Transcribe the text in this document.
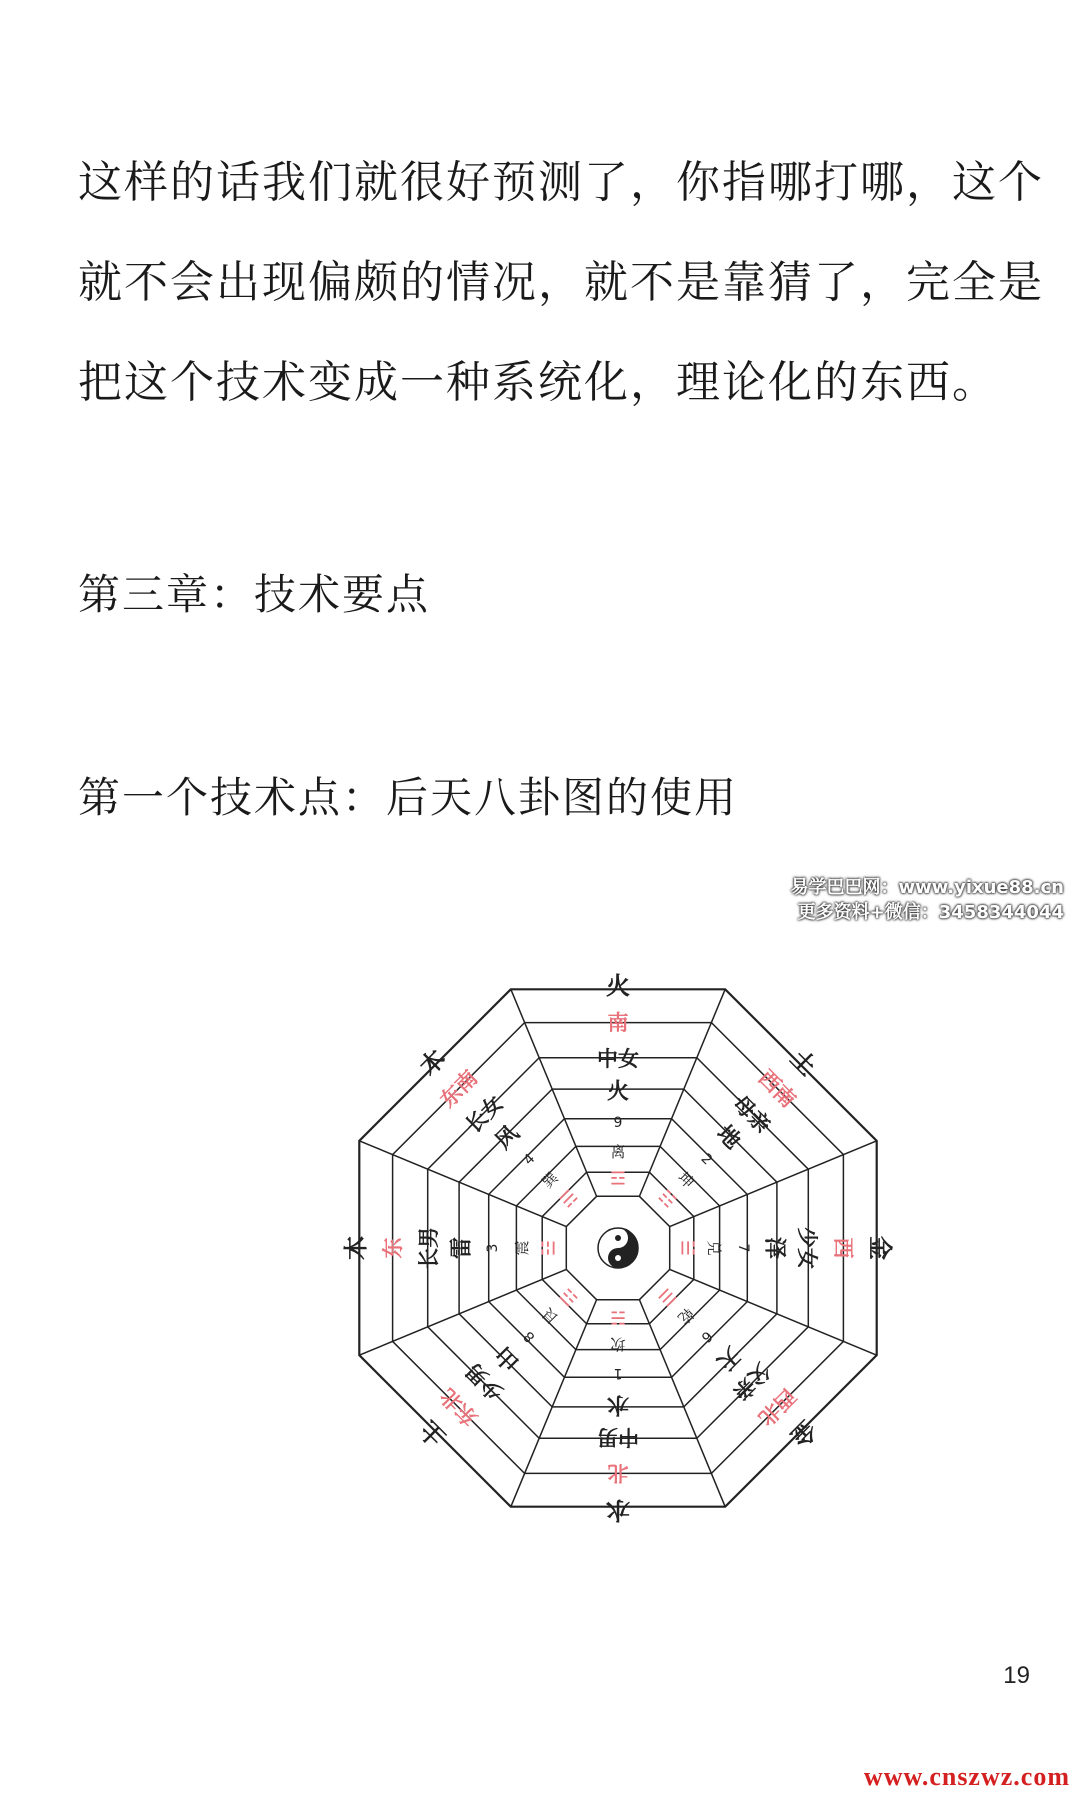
这样的话我们就很好预测了，你指哪打哪，这个
就不会出现偏颇的情况，就不是靠猜了，完全是
把这个技术变成一种系统化，理论化的东西。
第三章：技术要点
第一个技术点：后天八卦图的使用
易学巴巴网：www.yixue88.cn
更多资料+微信：3458344044
火
土
金
金
水
土
木
木
南
西南
西
西北
北
东北
东
东南
中女
母亲
少女
父亲
中男
少男
长男
长女	火
地
泽
天
水
山
雷
风	9
2
7
6
1
8
3
4	离
坤
兑
乾
坎
艮
震
巽	☲
☷
☱
☰
☵
☶
☳
☴
19
www.cnszwz.com
